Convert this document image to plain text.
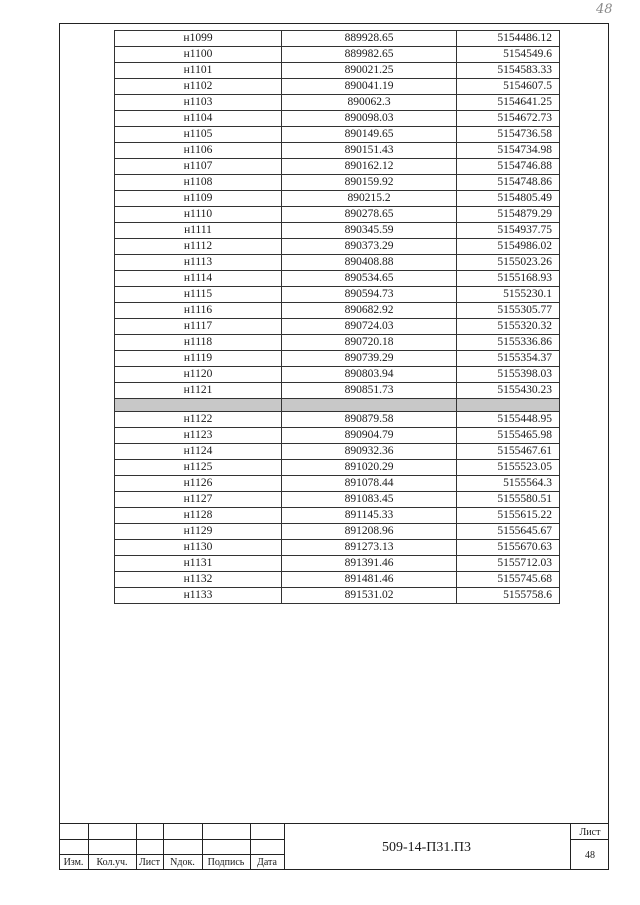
48
н1099	889928.65	5154486.12
н1100	889982.65	5154549.6
н1101	890021.25	5154583.33
н1102	890041.19	5154607.5
н1103	890062.3	5154641.25
н1104	890098.03	5154672.73
н1105	890149.65	5154736.58
н1106	890151.43	5154734.98
н1107	890162.12	5154746.88
н1108	890159.92	5154748.86
н1109	890215.2	5154805.49
н1110	890278.65	5154879.29
н1111	890345.59	5154937.75
н1112	890373.29	5154986.02
н1113	890408.88	5155023.26
н1114	890534.65	5155168.93
н1115	890594.73	5155230.1
н1116	890682.92	5155305.77
н1117	890724.03	5155320.32
н1118	890720.18	5155336.86
н1119	890739.29	5155354.37
н1120	890803.94	5155398.03
н1121	890851.73	5155430.23

н1122	890879.58	5155448.95
н1123	890904.79	5155465.98
н1124	890932.36	5155467.61
н1125	891020.29	5155523.05
н1126	891078.44	5155564.3
н1127	891083.45	5155580.51
н1128	891145.33	5155615.22
н1129	891208.96	5155645.67
н1130	891273.13	5155670.63
н1131	891391.46	5155712.03
н1132	891481.46	5155745.68
н1133	891531.02	5155758.6
Изм.	Кол.уч.	Лист	Nдок.	Подпись	Дата
509-14-П31.П3
Лист
48
